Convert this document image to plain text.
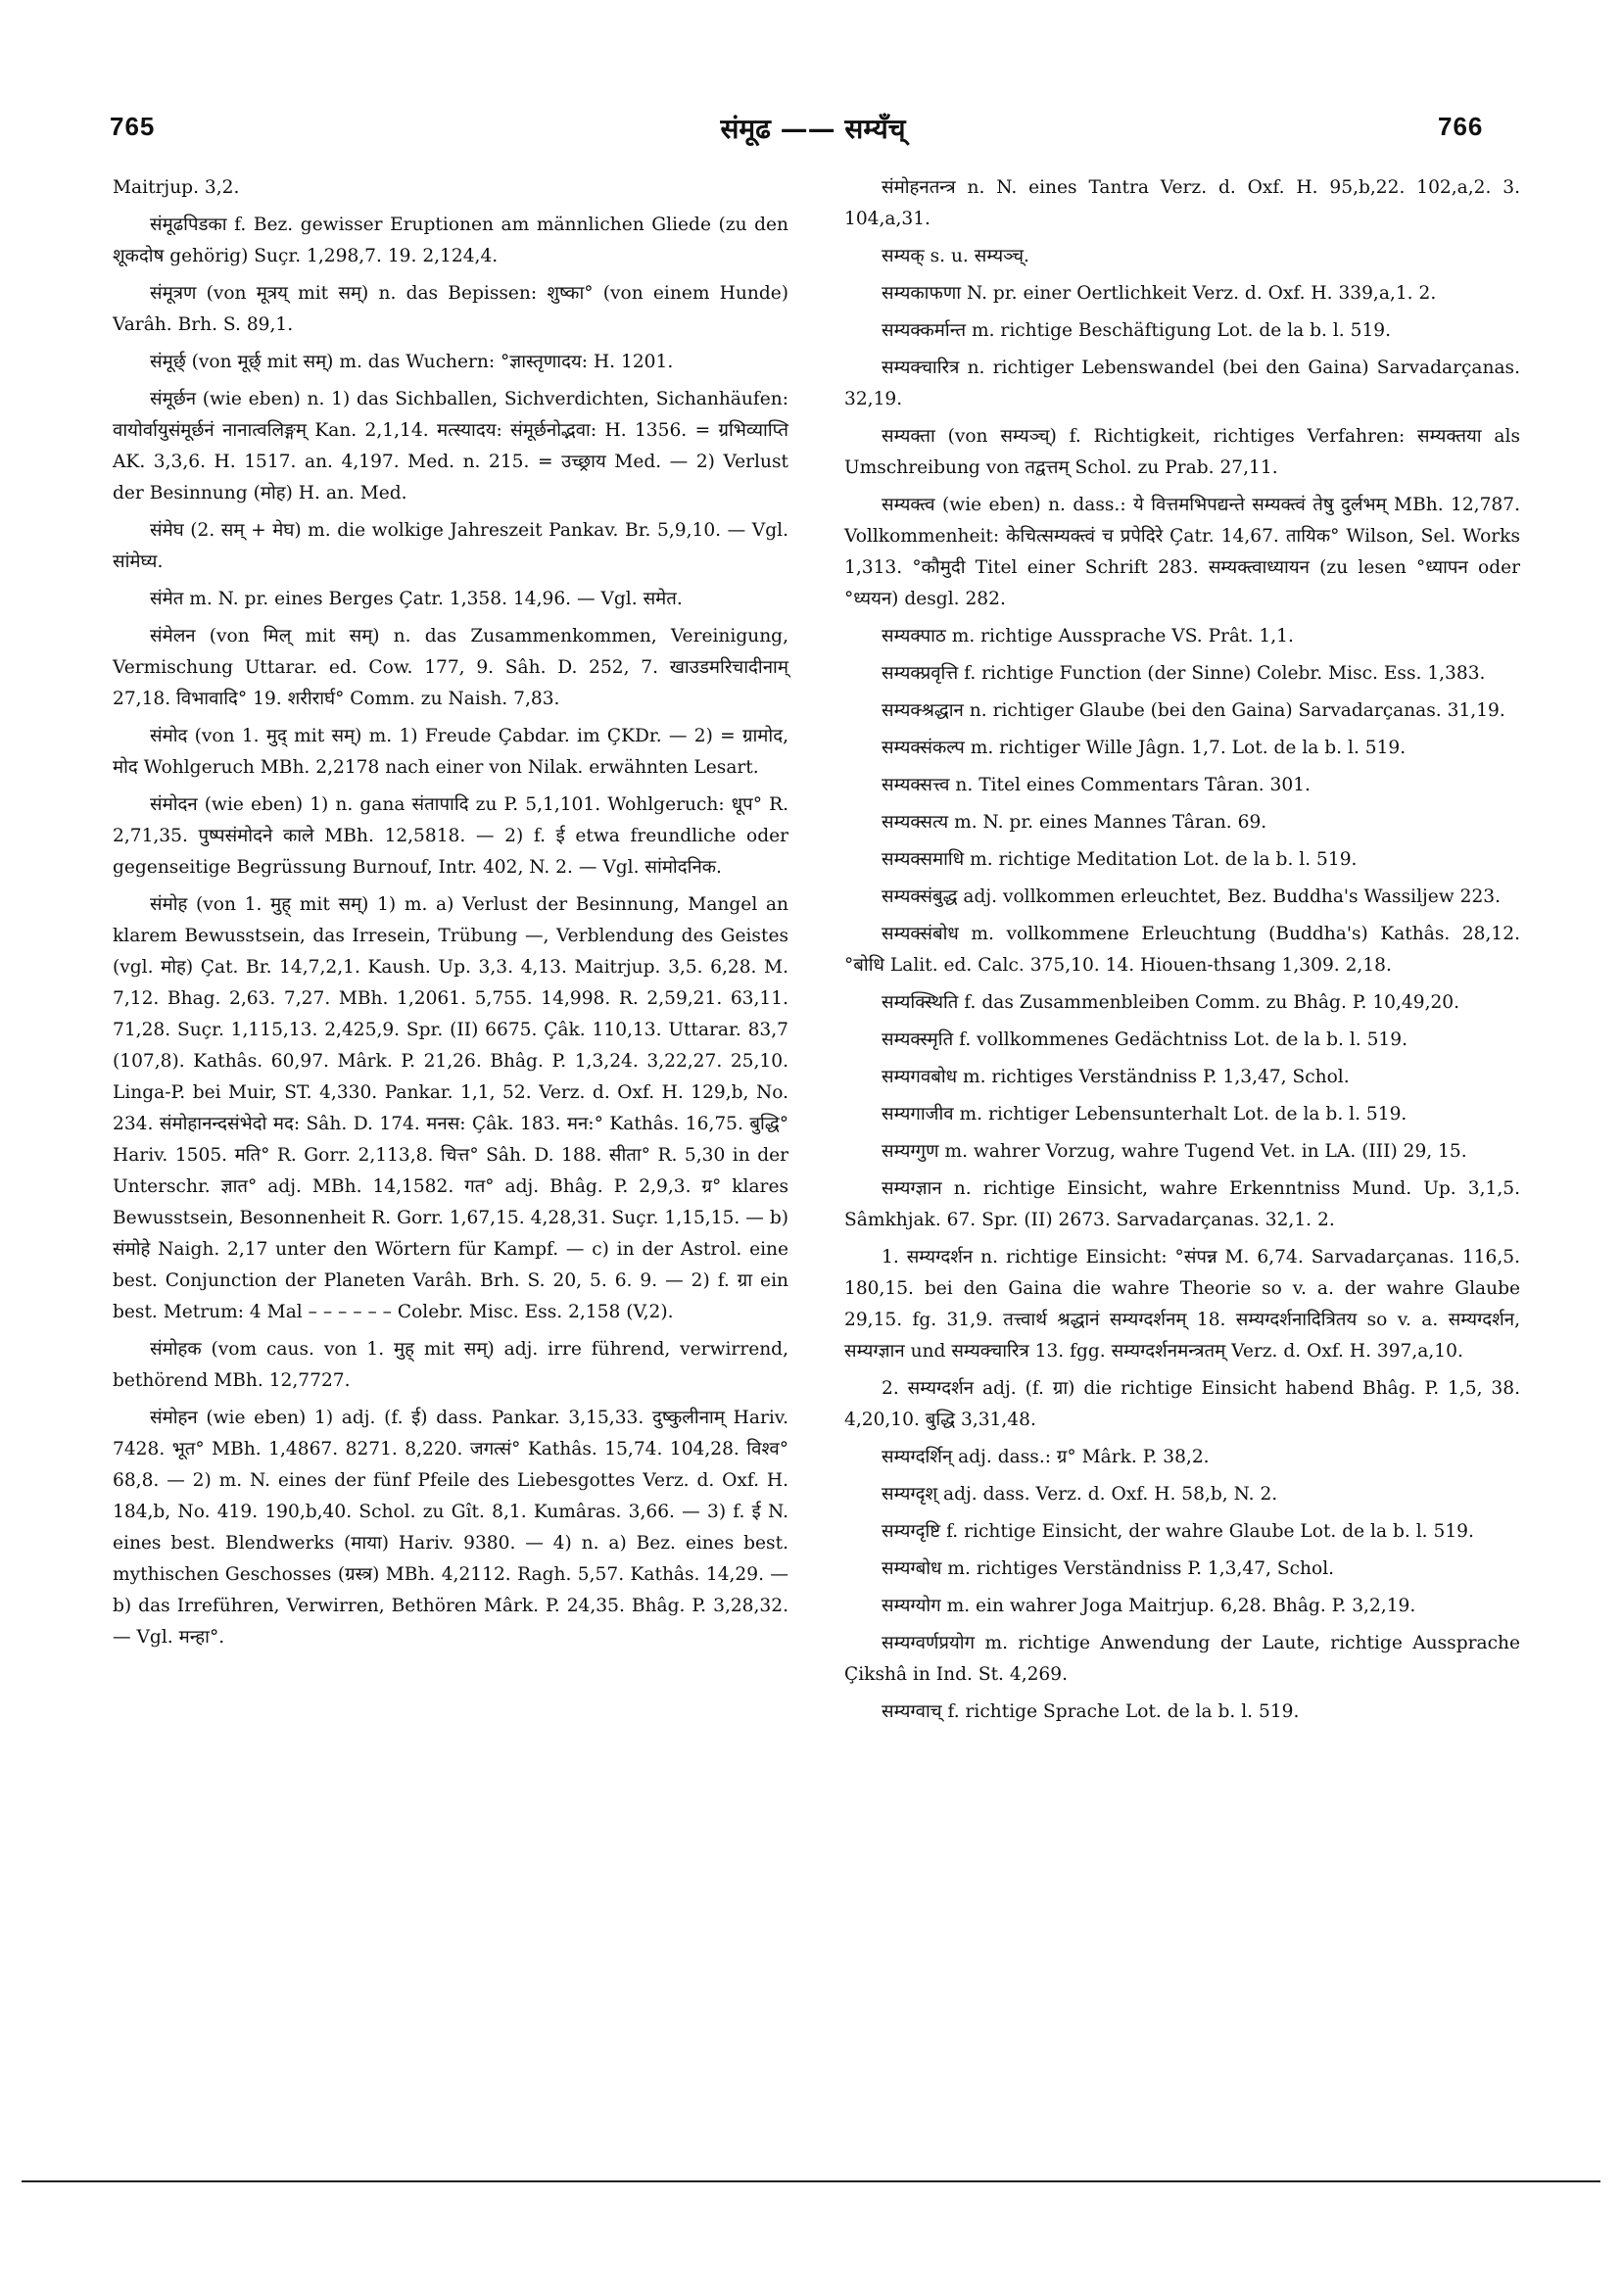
765	संमूढ —— सम्यँच्	766

Maitrjup. 3,2.

संमूढपिडका f. Bez. gewisser Eruptionen am männlichen Gliede (zu den शूकदोष gehörig) Suçr. 1,298,7. 19. 2,124,4.

संमूत्रण (von मूत्रय् mit सम्) n. das Bepissen: शुष्का° (von einem Hunde) Varâh. Brh. S. 89,1.

संमूर्छ् (von मूर्छ् mit सम्) m. das Wuchern: °ज्ञास्तृणादय: H. 1201.

संमूर्छन (wie eben) n. 1) das Sichballen, Sichverdichten, Sichanhäufen: वायोर्वायुसंमूर्छनं नानात्वलिङ्गम् Kan. 2,1,14. मत्स्यादय: संमूर्छनोद्भवा: H. 1356. = ग्रभिव्याप्ति AK. 3,3,6. H. 1517. an. 4,197. Med. n. 215. = उच्छ्राय Med. — 2) Verlust der Besinnung (मोह) H. an. Med.

संमेघ (2. सम् + मेघ) m. die wolkige Jahreszeit Pankav. Br. 5,9,10. — Vgl. सांमेघ्य.

संमेत m. N. pr. eines Berges Çatr. 1,358. 14,96. — Vgl. समेत.

संमेलन (von मिल् mit सम्) n. das Zusammenkommen, Vereinigung, Vermischung Uttarar. ed. Cow. 177, 9. Sâh. D. 252, 7. खाउडमरिचादीनाम् 27,18. विभावादि° 19. शरीरार्घ° Comm. zu Naish. 7,83.

संमोद (von 1. मुद् mit सम्) m. 1) Freude Çabdar. im ÇKDr. — 2) = ग्रामोद, मोद Wohlgeruch MBh. 2,2178 nach einer von Nilak. erwähnten Lesart.

संमोदन (wie eben) 1) n. gana संतापादि zu P. 5,1,101. Wohlgeruch: धूप° R. 2,71,35. पुष्पसंमोदने काले MBh. 12,5818. — 2) f. ई etwa freundliche oder gegenseitige Begrüssung Burnouf, Intr. 402, N. 2. — Vgl. सांमोदनिक.

संमोह (von 1. मुह् mit सम्) 1) m. a) Verlust der Besinnung, Mangel an klarem Bewusstsein, das Irresein, Trübung —, Verblendung des Geistes (vgl. मोह) Çat. Br. 14,7,2,1. Kaush. Up. 3,3. 4,13. Maitrjup. 3,5. 6,28. M. 7,12. Bhag. 2,63. 7,27. MBh. 1,2061. 5,755. 14,998. R. 2,59,21. 63,11. 71,28. Suçr. 1,115,13. 2,425,9. Spr. (II) 6675. Çâk. 110,13. Uttarar. 83,7 (107,8). Kathâs. 60,97. Mârk. P. 21,26. Bhâg. P. 1,3,24. 3,22,27. 25,10. Linga-P. bei Muir, ST. 4,330. Pankar. 1,1, 52. Verz. d. Oxf. H. 129,b, No. 234. संमोहानन्दसंभेदो मद: Sâh. D. 174. मनस: Çâk. 183. मन:° Kathâs. 16,75. बुद्धि° Hariv. 1505. मति° R. Gorr. 2,113,8. चित्त° Sâh. D. 188. सीता° R. 5,30 in der Unterschr. ज्ञात° adj. MBh. 14,1582. गत° adj. Bhâg. P. 2,9,3. ग्र° klares Bewusstsein, Besonnenheit R. Gorr. 1,67,15. 4,28,31. Suçr. 1,15,15. — b) संमोहे Naigh. 2,17 unter den Wörtern für Kampf. — c) in der Astrol. eine best. Conjunction der Planeten Varâh. Brh. S. 20, 5. 6. 9. — 2) f. ग्रा ein best. Metrum: 4 Mal – – – – – – Colebr. Misc. Ess. 2,158 (V,2).

संमोहक (vom caus. von 1. मुह् mit सम्) adj. irre führend, verwirrend, bethörend MBh. 12,7727.

संमोहन (wie eben) 1) adj. (f. ई) dass. Pankar. 3,15,33. दुष्कुलीनाम् Hariv. 7428. भूत° MBh. 1,4867. 8271. 8,220. जगत्सं° Kathâs. 15,74. 104,28. विश्व° 68,8. — 2) m. N. eines der fünf Pfeile des Liebesgottes Verz. d. Oxf. H. 184,b, No. 419. 190,b,40. Schol. zu Gît. 8,1. Kumâras. 3,66. — 3) f. ई N. eines best. Blendwerks (माया) Hariv. 9380. — 4) n. a) Bez. eines best. mythischen Geschosses (ग्रस्त्र) MBh. 4,2112. Ragh. 5,57. Kathâs. 14,29. — b) das Irreführen, Verwirren, Bethören Mârk. P. 24,35. Bhâg. P. 3,28,32. — Vgl. मन्हा°.

संमोहनतन्त्र n. N. eines Tantra Verz. d. Oxf. H. 95,b,22. 102,a,2. 3. 104,a,31.

सम्यक् s. u. सम्यञ्च्.

सम्यकाफणा N. pr. einer Oertlichkeit Verz. d. Oxf. H. 339,a,1. 2.

सम्यक्कर्मान्त m. richtige Beschäftigung Lot. de la b. l. 519.

सम्यक्चारित्र n. richtiger Lebenswandel (bei den Gaina) Sarvadarçanas. 32,19.

सम्यक्ता (von सम्यञ्च्) f. Richtigkeit, richtiges Verfahren: सम्यक्तया als Umschreibung von तद्वत्तम् Schol. zu Prab. 27,11.

सम्यक्त्व (wie eben) n. dass.: ये वित्तमभिपद्यन्ते सम्यक्त्वं तेषु दुर्लभम् MBh. 12,787. Vollkommenheit: केचित्सम्यक्त्वं च प्रपेदिरे Çatr. 14,67. तायिक° Wilson, Sel. Works 1,313. °कौमुदी Titel einer Schrift 283. सम्यक्त्वाध्यायन (zu lesen °ध्यापन oder °ध्ययन) desgl. 282.

सम्यक्पाठ m. richtige Aussprache VS. Prât. 1,1.

सम्यक्प्रवृत्ति f. richtige Function (der Sinne) Colebr. Misc. Ess. 1,383.

सम्यक्श्रद्धान n. richtiger Glaube (bei den Gaina) Sarvadarçanas. 31,19.

सम्यक्संकल्प m. richtiger Wille Jâgn. 1,7. Lot. de la b. l. 519.

सम्यक्सत्त्व n. Titel eines Commentars Târan. 301.

सम्यक्सत्य m. N. pr. eines Mannes Târan. 69.

सम्यक्समाधि m. richtige Meditation Lot. de la b. l. 519.

सम्यक्संबुद्ध adj. vollkommen erleuchtet, Bez. Buddha's Wassiljew 223.

सम्यक्संबोध m. vollkommene Erleuchtung (Buddha's) Kathâs. 28,12. °बोधि Lalit. ed. Calc. 375,10. 14. Hiouen-thsang 1,309. 2,18.

सम्यक्स्थिति f. das Zusammenbleiben Comm. zu Bhâg. P. 10,49,20.

सम्यक्स्मृति f. vollkommenes Gedächtniss Lot. de la b. l. 519.

सम्यगवबोध m. richtiges Verständniss P. 1,3,47, Schol.

सम्यगाजीव m. richtiger Lebensunterhalt Lot. de la b. l. 519.

सम्यग्गुण m. wahrer Vorzug, wahre Tugend Vet. in LA. (III) 29, 15.

सम्यग्ज्ञान n. richtige Einsicht, wahre Erkenntniss Mund. Up. 3,1,5. Sâmkhjak. 67. Spr. (II) 2673. Sarvadarçanas. 32,1. 2.

1. सम्यग्दर्शन n. richtige Einsicht: °संपन्न M. 6,74. Sarvadarçanas. 116,5. 180,15. bei den Gaina die wahre Theorie so v. a. der wahre Glaube 29,15. fg. 31,9. तत्त्वार्थ श्रद्धानं सम्यग्दर्शनम् 18. सम्यग्दर्शनादित्रितय so v. a. सम्यग्दर्शन, सम्यग्ज्ञान und सम्यक्चारित्र 13. fgg. सम्यग्दर्शनमन्त्रतम् Verz. d. Oxf. H. 397,a,10.

2. सम्यग्दर्शन adj. (f. ग्रा) die richtige Einsicht habend Bhâg. P. 1,5, 38. 4,20,10. बुद्धि 3,31,48.

सम्यग्दर्शिन् adj. dass.: ग्र° Mârk. P. 38,2.

सम्यग्दृश् adj. dass. Verz. d. Oxf. H. 58,b, N. 2.

सम्यग्दृष्टि f. richtige Einsicht, der wahre Glaube Lot. de la b. l. 519.

सम्यग्बोध m. richtiges Verständniss P. 1,3,47, Schol.

सम्यग्योग m. ein wahrer Joga Maitrjup. 6,28. Bhâg. P. 3,2,19.

सम्यग्वर्णप्रयोग m. richtige Anwendung der Laute, richtige Aussprache Çikshâ in Ind. St. 4,269.

सम्यग्वाच् f. richtige Sprache Lot. de la b. l. 519.
